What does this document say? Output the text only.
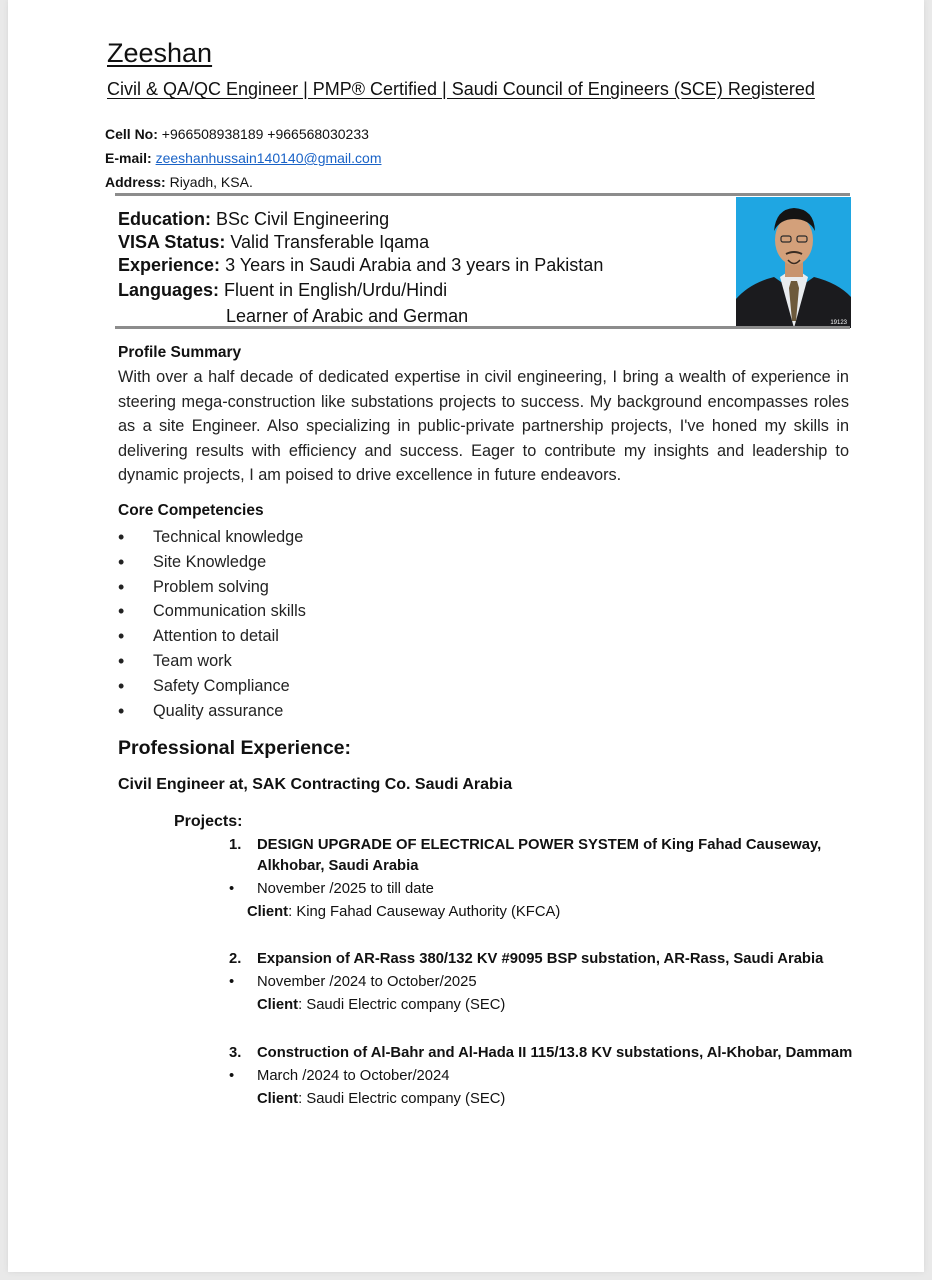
Zeeshan
Civil & QA/QC Engineer | PMP® Certified | Saudi Council of Engineers (SCE) Registered
Cell No: +966508938189 +966568030233
E-mail: zeeshanhussain140140@gmail.com
Address: Riyadh, KSA.
Education: BSc Civil Engineering
VISA Status: Valid Transferable Iqama
Experience: 3 Years in Saudi Arabia and 3 years in Pakistan
Languages: Fluent in English/Urdu/Hindi
Learner of Arabic and German	19123
Profile Summary
With over a half decade of dedicated expertise in civil engineering, I bring a wealth of experience in steering mega-construction like substations projects to success. My background encompasses roles as a site Engineer. Also specializing in public-private partnership projects, I've honed my skills in delivering results with efficiency and success. Eager to contribute my insights and leadership to dynamic projects, I am poised to drive excellence in future endeavors.
Core Competencies
• Technical knowledge
• Site Knowledge
• Problem solving
• Communication skills
• Attention to detail
• Team work
• Safety Compliance
• Quality assurance
Professional Experience:
Civil Engineer at, SAK Contracting Co. Saudi Arabia
Projects:
1. DESIGN UPGRADE OF ELECTRICAL POWER SYSTEM of King Fahad Causeway,
Alkhobar, Saudi Arabia
• November /2025 to till date
Client: King Fahad Causeway Authority (KFCA)
2. Expansion of AR-Rass 380/132 KV #9095 BSP substation, AR-Rass, Saudi Arabia
• November /2024 to October/2025
Client: Saudi Electric company (SEC)
3. Construction of Al-Bahr and Al-Hada II 115/13.8 KV substations, Al-Khobar, Dammam
• March /2024 to October/2024
Client: Saudi Electric company (SEC)
